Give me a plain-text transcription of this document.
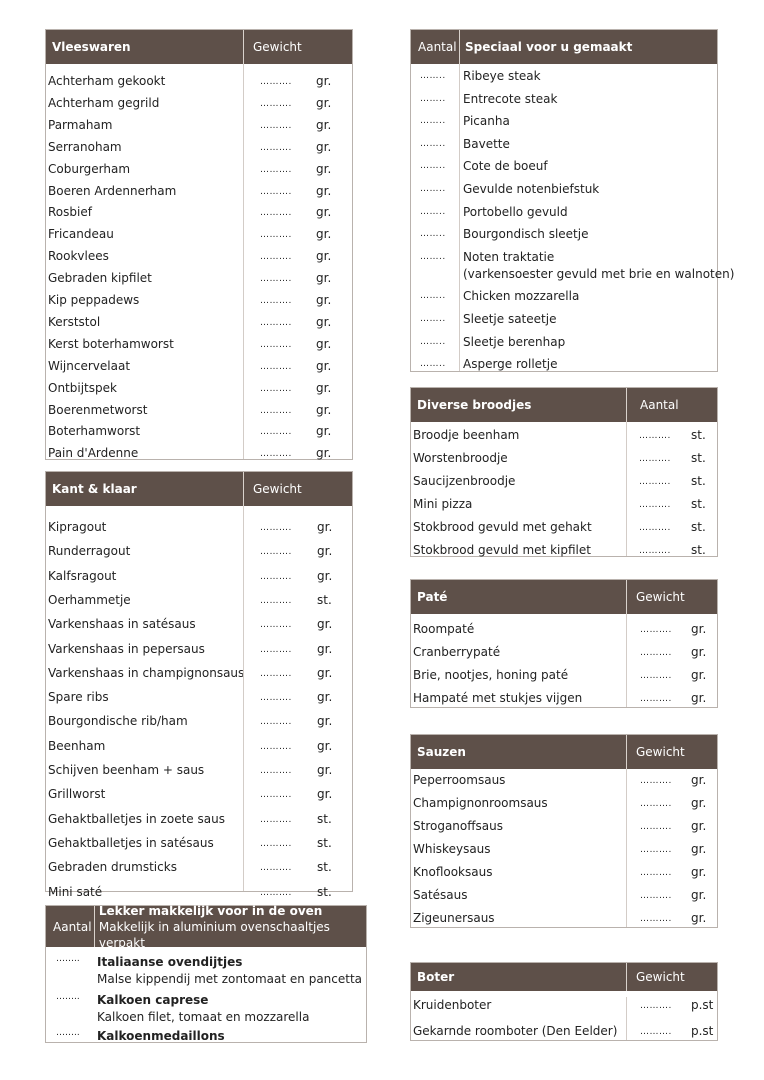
Vleeswaren	Gewicht
Achterham gekookt	………. gr.
Achterham gegrild	………. gr.
Parmaham	………. gr.
Serranoham	………. gr.
Coburgerham	………. gr.
Boeren Ardennerham	………. gr.
Rosbief	………. gr.
Fricandeau	………. gr.
Rookvlees	………. gr.
Gebraden kipfilet	………. gr.
Kip peppadews	………. gr.
Kerststol	………. gr.
Kerst boterhamworst	………. gr.
Wijncervelaat	………. gr.
Ontbijtspek	………. gr.
Boerenmetworst	………. gr.
Boterhamworst	………. gr.
Pain d'Ardenne	………. gr.
Kant & klaar	Gewicht
Kipragout	………. gr.
Runderragout	………. gr.
Kalfsragout	………. gr.
Oerhammetje	………. st.
Varkenshaas in satésaus	………. gr.
Varkenshaas in pepersaus	………. gr.
Varkenshaas in champignonsaus ………. gr.
Spare ribs	………. gr.
Bourgondische rib/ham	………. gr.
Beenham	………. gr.
Schijven beenham + saus	………. gr.
Grillworst	………. gr.
Gehaktballetjes in zoete saus	………. st.
Gehaktballetjes in satésaus	………. st.
Gebraden drumsticks	………. st.
Mini saté	………. st.
Aantal
Lekker makkelijk voor in de oven
Makkelijk in aluminium ovenschaaltjes verpakt
…….. Italiaanse ovendijtjes
Malse kippendij met zontomaat en pancetta
…….. Kalkoen caprese
Kalkoen filet, tomaat en mozzarella
…….. Kalkoenmedaillons
Aantal Speciaal voor u gemaakt
…….. Ribeye steak
…….. Entrecote steak
…….. Picanha
…….. Bavette
…….. Cote de boeuf
…….. Gevulde notenbiefstuk
…….. Portobello gevuld
…….. Bourgondisch sleetje
…….. Noten traktatie
(varkensoester gevuld met brie en walnoten)
…….. Chicken mozzarella
…….. Sleetje sateetje
…….. Sleetje berenhap
…….. Asperge rolletje
Diverse broodjes	Aantal
Broodje beenham	………. st.
Worstenbroodje	………. st.
Saucijzenbroodje	………. st.
Mini pizza	………. st.
Stokbrood gevuld met gehakt	………. st.
Stokbrood gevuld met kipfilet	………. st.
Paté	Gewicht
Roompaté	………. gr.
Cranberrypaté	………. gr.
Brie, nootjes, honing paté	………. gr.
Hampaté met stukjes vijgen	………. gr.
Sauzen	Gewicht
Peperroomsaus	………. gr.
Champignonroomsaus	………. gr.
Stroganoffsaus	………. gr.
Whiskeysaus	………. gr.
Knoflooksaus	………. gr.
Satésaus	………. gr.
Zigeunersaus	………. gr.
Boter	Gewicht
Kruidenboter	………. p.st
Gekarnde roomboter (Den Eelder)	………. p.st
